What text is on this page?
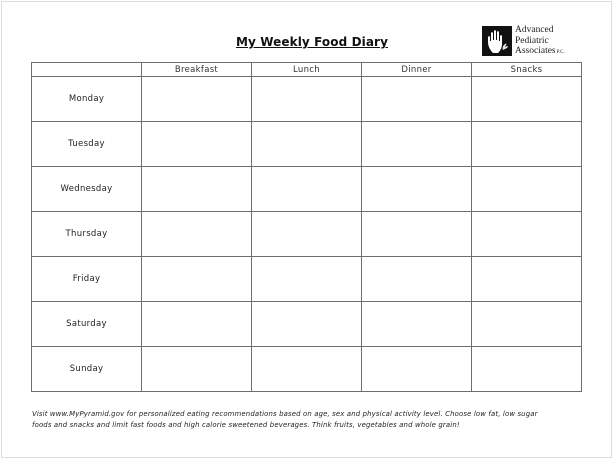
My Weekly Food Diary
Advanced
Pediatric
AssociatesP.C.
	Breakfast	Lunch	Dinner	Snacks
Monday				
Tuesday				
Wednesday				
Thursday				
Friday				
Saturday				
Sunday				
Visit www.MyPyramid.gov for personalized eating recommendations based on age, sex and physical activity level. Choose low fat, low sugar
foods and snacks and limit fast foods and high calorie sweetened beverages. Think fruits, vegetables and whole grain!
